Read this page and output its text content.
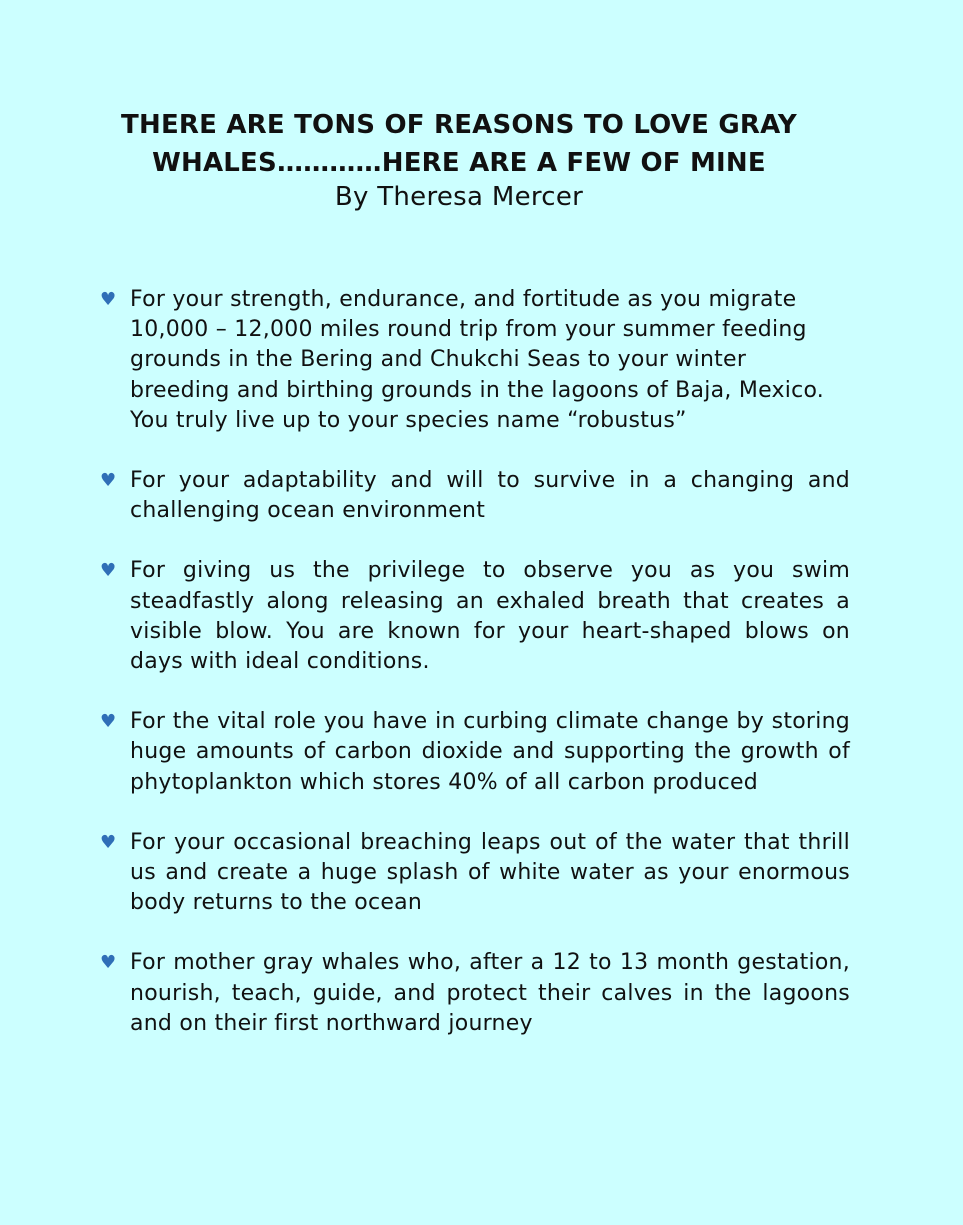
THERE ARE TONS OF REASONS TO LOVE GRAY WHALES…………HERE ARE A FEW OF MINE

By Theresa Mercer

♥ For your strength, endurance, and fortitude as you migrate 10,000 – 12,000 miles round trip from your summer feeding grounds in the Bering and Chukchi Seas to your winter breeding and birthing grounds in the lagoons of Baja, Mexico. You truly live up to your species name “robustus”
♥ For your adaptability and will to survive in a changing and challenging ocean environment
♥ For giving us the privilege to observe you as you swim steadfastly along releasing an exhaled breath that creates a visible blow. You are known for your heart-shaped blows on days with ideal conditions.
♥ For the vital role you have in curbing climate change by storing huge amounts of carbon dioxide and supporting the growth of phytoplankton which stores 40% of all carbon produced
♥ For your occasional breaching leaps out of the water that thrill us and create a huge splash of white water as your enormous body returns to the ocean
♥ For mother gray whales who, after a 12 to 13 month gestation, nourish, teach, guide, and protect their calves in the lagoons and on their first northward journey
